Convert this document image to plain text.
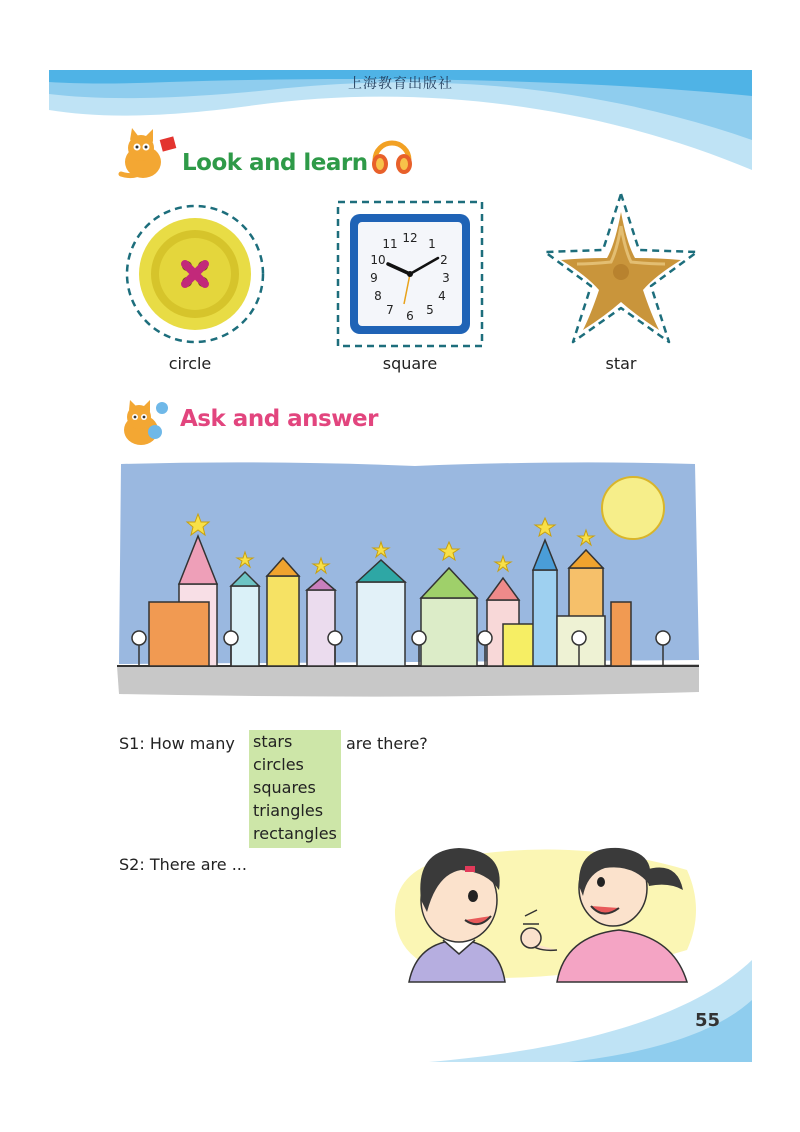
上海教育出版社
Look and learn
circle
12 1
2
3
4
5
6
7
8
9
10
11
square	star
Ask and answer
S1: How many stars
circles
squares
triangles
rectangles
are there?
S2: There are ...
55
